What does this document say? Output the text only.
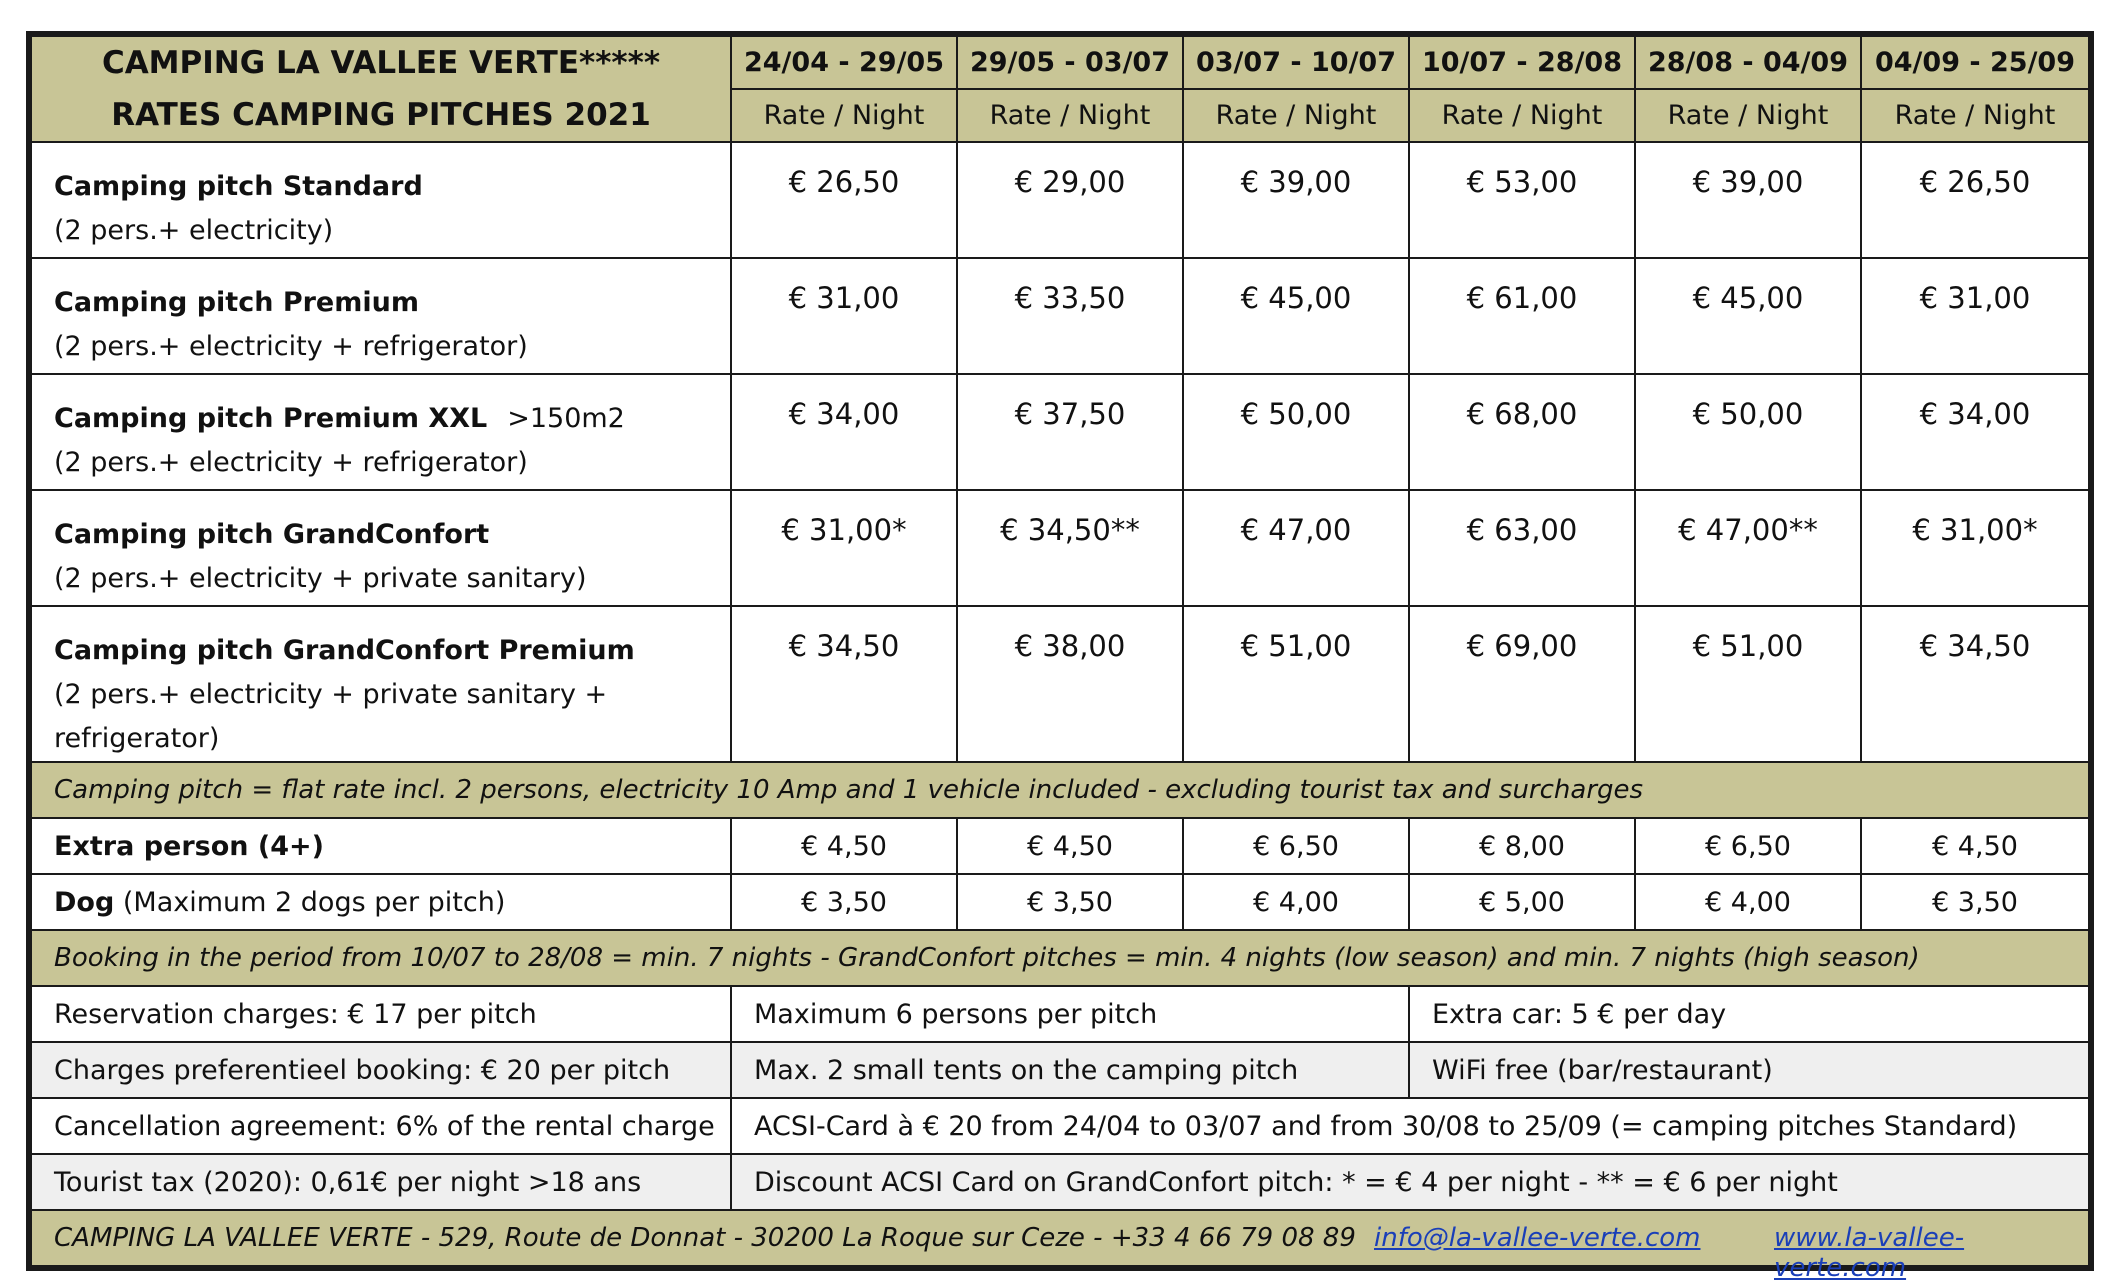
CAMPING LA VALLEE VERTE*****
RATES CAMPING PITCHES 2021	24/04 - 29/05	29/05 - 03/07	03/07 - 10/07	10/07 - 28/08	28/08 - 04/09	04/09 - 25/09
	Rate / Night	Rate / Night	Rate / Night	Rate / Night	Rate / Night	Rate / Night
Camping pitch Standard
(2 pers.+ electricity)	€ 26,50	€ 29,00	€ 39,00	€ 53,00	€ 39,00	€ 26,50
Camping pitch Premium
(2 pers.+ electricity + refrigerator)	€ 31,00	€ 33,50	€ 45,00	€ 61,00	€ 45,00	€ 31,00
Camping pitch Premium XXL >150m2
(2 pers.+ electricity + refrigerator)	€ 34,00	€ 37,50	€ 50,00	€ 68,00	€ 50,00	€ 34,00
Camping pitch GrandConfort
(2 pers.+ electricity + private sanitary)	€ 31,00*	€ 34,50**	€ 47,00	€ 63,00	€ 47,00**	€ 31,00*
Camping pitch GrandConfort Premium
(2 pers.+ electricity + private sanitary + refrigerator)	€ 34,50	€ 38,00	€ 51,00	€ 69,00	€ 51,00	€ 34,50
Camping pitch = flat rate incl. 2 persons, electricity 10 Amp and 1 vehicle included - excluding tourist tax and surcharges						
Extra person (4+)	€ 4,50	€ 4,50	€ 6,50	€ 8,00	€ 6,50	€ 4,50
Dog (Maximum 2 dogs per pitch)	€ 3,50	€ 3,50	€ 4,00	€ 5,00	€ 4,00	€ 3,50
Booking in the period from 10/07 to 28/08 = min. 7 nights - GrandConfort pitches = min. 4 nights (low season) and min. 7 nights (high season)						
Reservation charges: € 17 per pitch	Maximum 6 persons per pitch			Extra car: 5 € per day		
Charges preferentieel booking: € 20 per pitch	Max. 2 small tents on the camping pitch			WiFi free (bar/restaurant)		
Cancellation agreement: 6% of the rental charge	ACSI-Card à € 20 from 24/04 to 03/07 and from 30/08 to 25/09 (= camping pitches Standard)					
Tourist tax (2020): 0,61€ per night >18 ans	Discount ACSI Card on GrandConfort pitch: * = € 4 per night - ** = € 6 per night					

CAMPING LA VALLEE VERTE - 529, Route de Donnat - 30200 La Roque sur Ceze - +33 4 66 79 08 89 info@la-vallee-verte.com www.la-vallee-verte.com						
